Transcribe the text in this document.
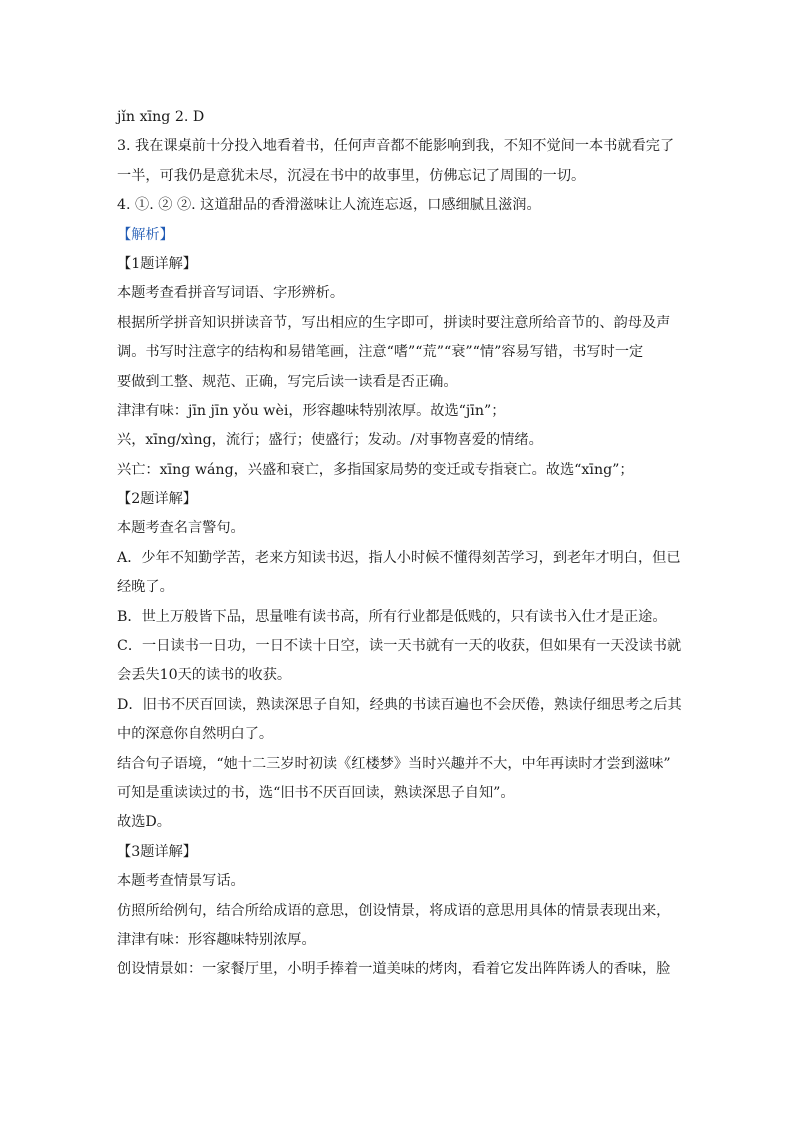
jǐn xīng 2. D
3. 我在课桌前十分投入地看着书，任何声音都不能影响到我，不知不觉间一本书就看完了
一半，可我仍是意犹未尽，沉浸在书中的故事里，仿佛忘记了周围的一切。
4. ①. ② ②. 这道甜品的香滑滋味让人流连忘返，口感细腻且滋润。
【解析】
【1题详解】
本题考查看拼音写词语、字形辨析。
根据所学拼音知识拼读音节，写出相应的生字即可，拼读时要注意所给音节的、韵母及声
调。书写时注意字的结构和易错笔画，注意“嗜”“荒”“衰”“情”容易写错，书写时一定
要做到工整、规范、正确，写完后读一读看是否正确。
津津有味：jīn jīn yǒu wèi，形容趣味特别浓厚。故选“jīn”；
兴，xīng/xìng，流行；盛行；使盛行；发动。/对事物喜爱的情绪。
兴亡：xīng wáng，兴盛和衰亡，多指国家局势的变迁或专指衰亡。故选“xīng”；
【2题详解】
本题考查名言警句。
A．少年不知勤学苦，老来方知读书迟，指人小时候不懂得刻苦学习，到老年才明白，但已
经晚了。
B．世上万般皆下品，思量唯有读书高，所有行业都是低贱的，只有读书入仕才是正途。
C．一日读书一日功，一日不读十日空，读一天书就有一天的收获，但如果有一天没读书就
会丢失10天的读书的收获。
D．旧书不厌百回读，熟读深思子自知，经典的书读百遍也不会厌倦，熟读仔细思考之后其
中的深意你自然明白了。
结合句子语境，“她十二三岁时初读《红楼梦》当时兴趣并不大，中年再读时才尝到滋味”
可知是重读读过的书，选“旧书不厌百回读，熟读深思子自知”。
故选D。
【3题详解】
本题考查情景写话。
仿照所给例句，结合所给成语的意思，创设情景，将成语的意思用具体的情景表现出来，
津津有味：形容趣味特别浓厚。
创设情景如：一家餐厅里，小明手捧着一道美味的烤肉，看着它发出阵阵诱人的香味，脸
